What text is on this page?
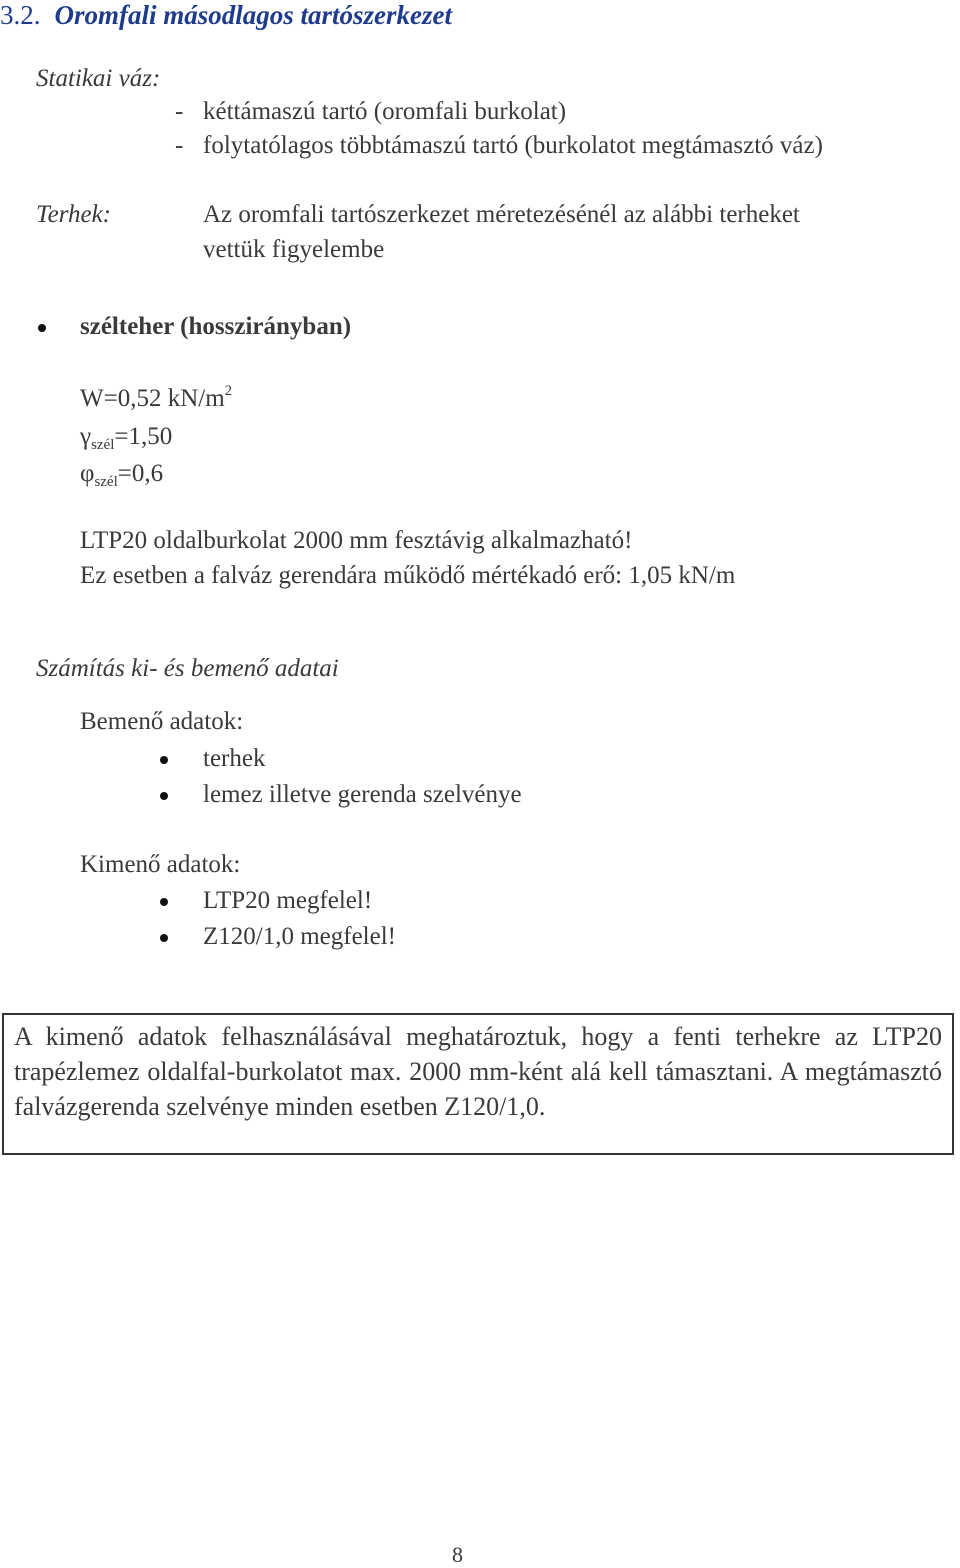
3.2. Oromfali másodlagos tartószerkezet
Statikai váz:
- kéttámaszú tartó (oromfali burkolat)
- folytatólagos többtámaszú tartó (burkolatot megtámasztó váz)
Terhek:	Az oromfali tartószerkezet méretezésénél az alábbi terheket
vettük figyelembe
szélteher (hosszirányban)
W=0,52 $kN/m^2$
$\gamma_{szél}=1,50$
$\varphi_{szél}=0,6$
LTP20 oldalburkolat 2000 mm fesztávig alkalmazható!
Ez esetben a falváz gerendára működő mértékadó erő: 1,05 kN/m
Számítás ki- és bemenő adatai
Bemenő adatok:
terhek
lemez illetve gerenda szelvénye
Kimenő adatok:
LTP20 megfelel!
Z120/1,0 megfelel!
A kimenő adatok felhasználásával meghatároztuk, hogy a fenti terhekre az LTP20 trapézlemez oldalfal-burkolatot max. 2000 mm-ként alá kell támasztani. A megtámasztó falvázgerenda szelvénye minden esetben Z120/1,0.
8
